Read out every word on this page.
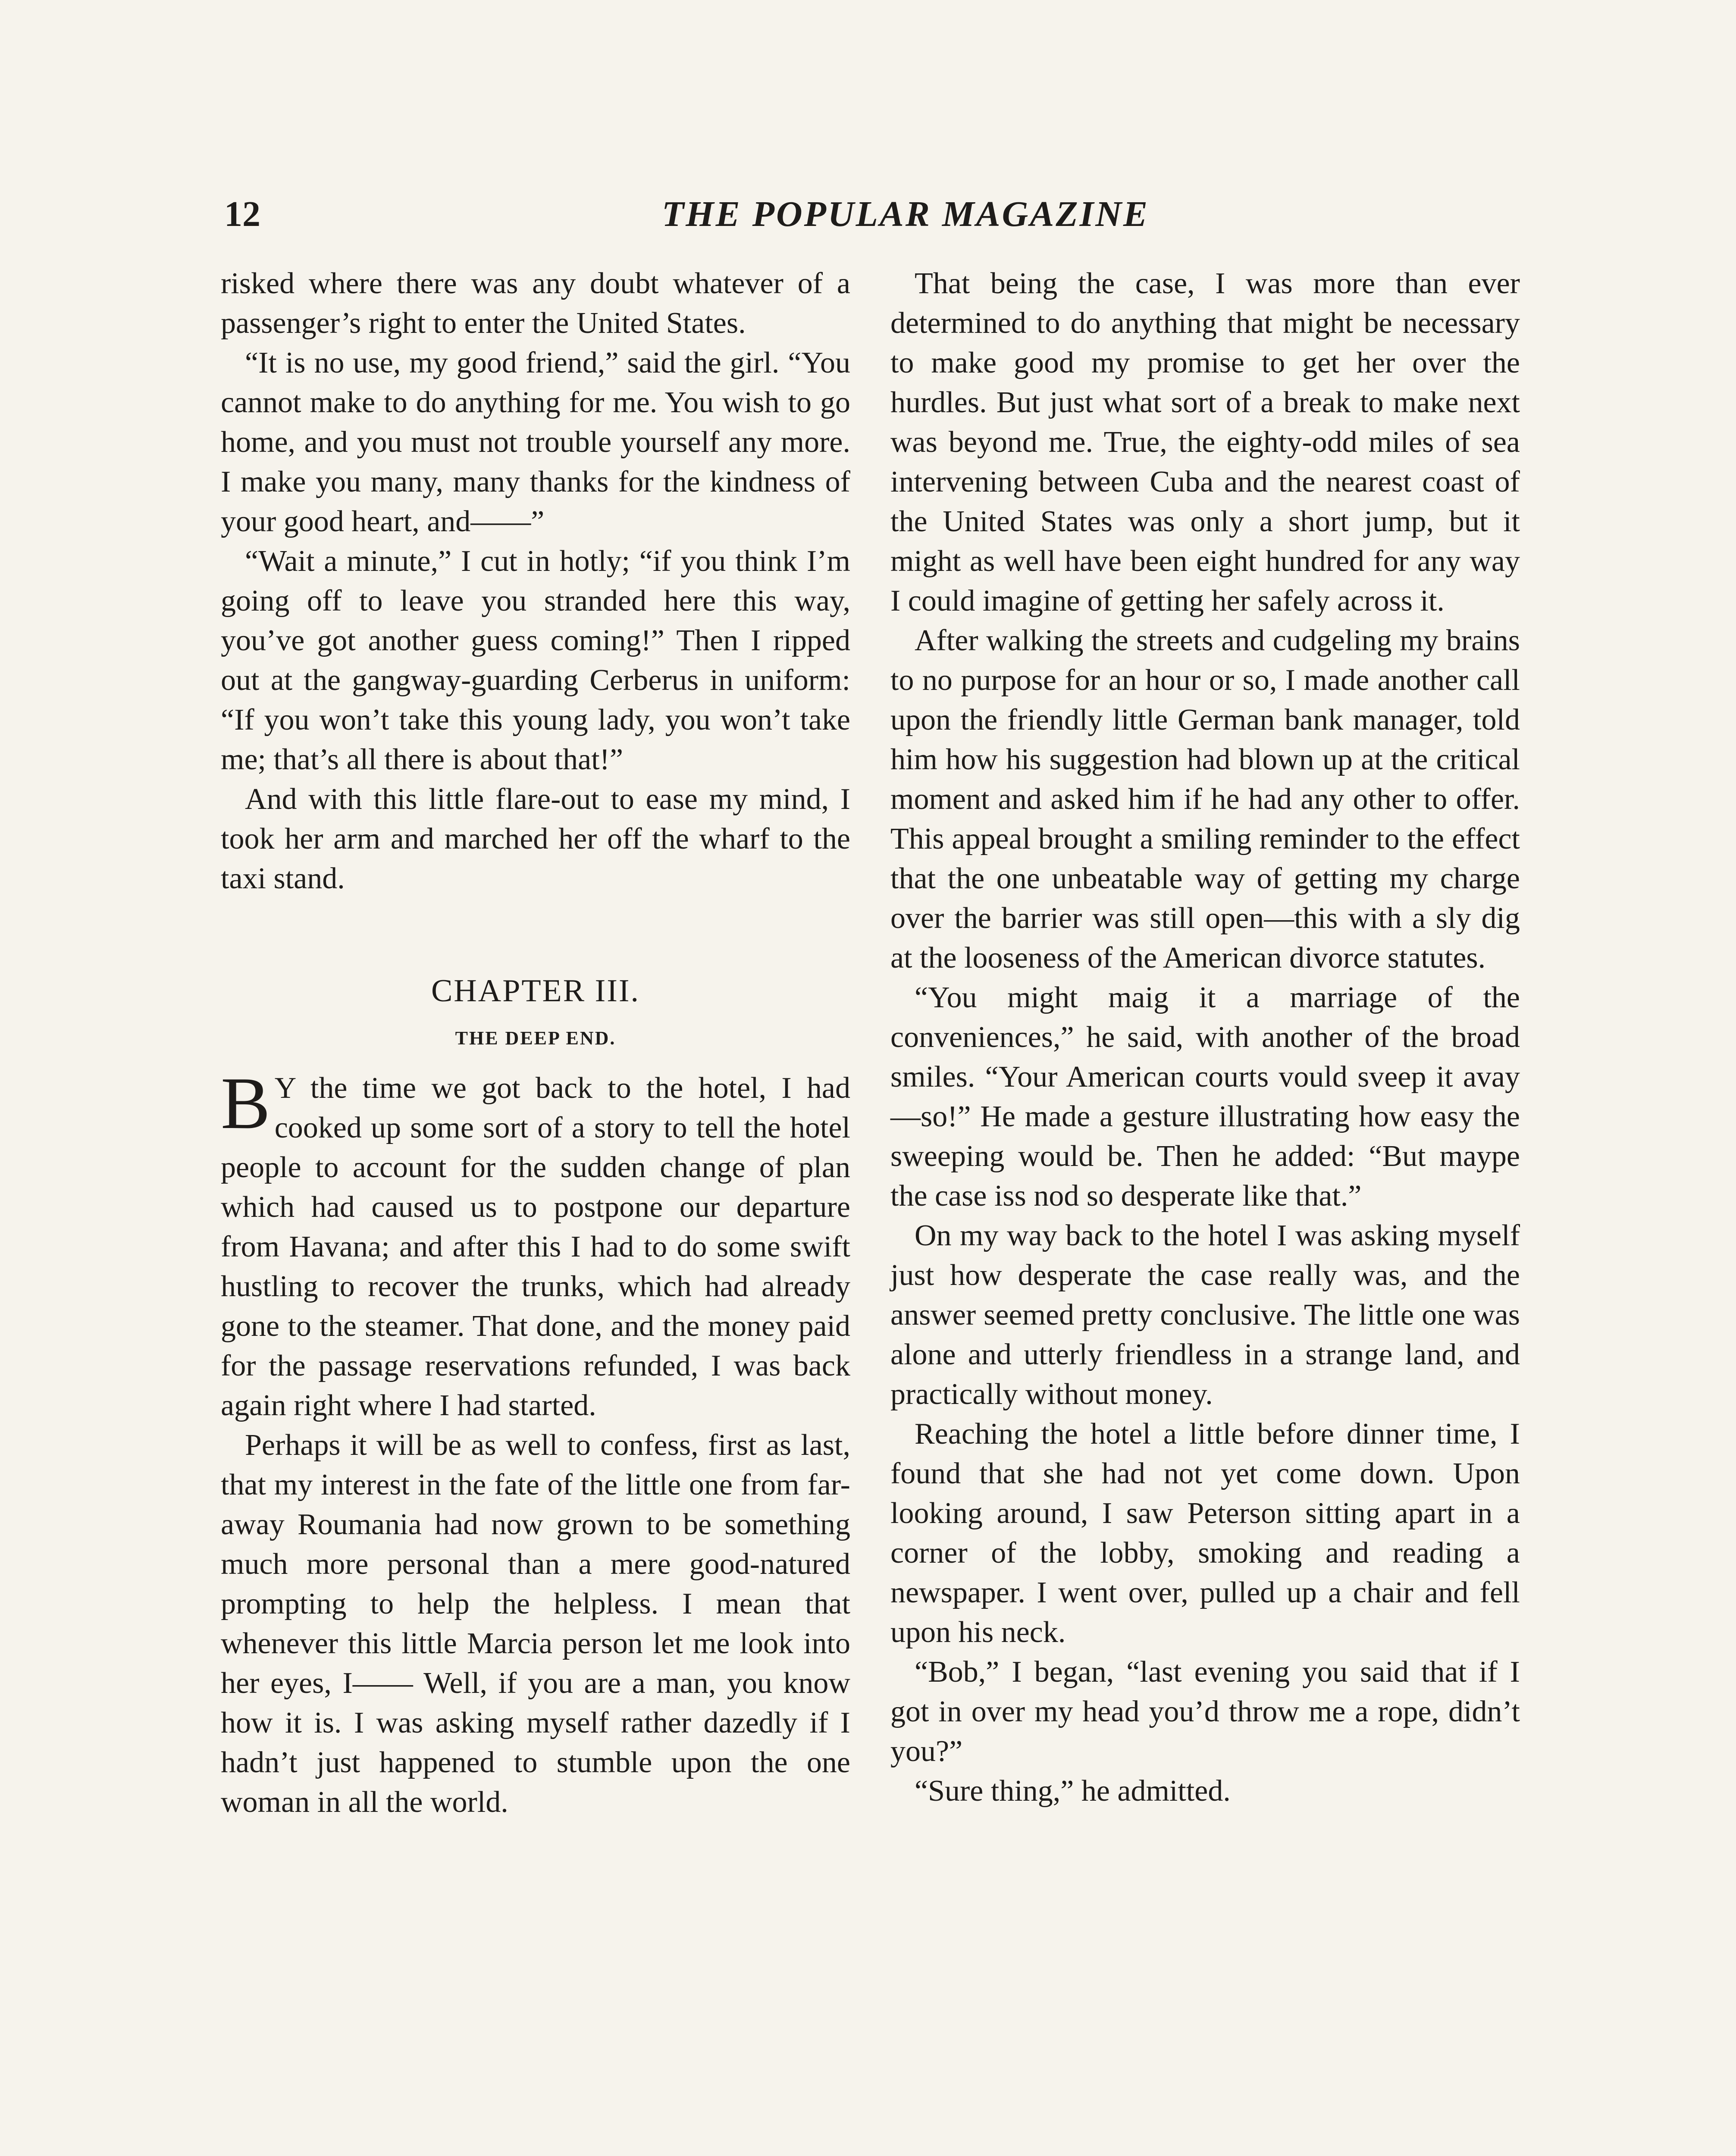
12	THE POPULAR MAGAZINE

risked where there was any doubt whatever of a passenger’s right to enter the United States.

“It is no use, my good friend,” said the girl. “You cannot make to do anything for me. You wish to go home, and you must not trouble yourself any more. I make you many, many thanks for the kindness of your good heart, and——”

“Wait a minute,” I cut in hotly; “if you think I’m going off to leave you stranded here this way, you’ve got another guess coming!” Then I ripped out at the gangway-guarding Cerberus in uniform: “If you won’t take this young lady, you won’t take me; that’s all there is about that!”

And with this little flare-out to ease my mind, I took her arm and marched her off the wharf to the taxi stand.

CHAPTER III.
THE DEEP END.

B Y the time we got back to the hotel, I had cooked up some sort of a story to tell the hotel people to account for the sudden change of plan which had caused us to postpone our departure from Havana; and after this I had to do some swift hustling to recover the trunks, which had already gone to the steamer. That done, and the money paid for the passage reservations refunded, I was back again right where I had started.

Perhaps it will be as well to confess, first as last, that my interest in the fate of the little one from far-away Roumania had now grown to be something much more personal than a mere good-natured prompting to help the helpless. I mean that whenever this little Marcia person let me look into her eyes, I—— Well, if you are a man, you know how it is. I was asking myself rather dazedly if I hadn’t just happened to stumble upon the one woman in all the world.

That being the case, I was more than ever determined to do anything that might be necessary to make good my promise to get her over the hurdles. But just what sort of a break to make next was beyond me. True, the eighty-odd miles of sea intervening between Cuba and the nearest coast of the United States was only a short jump, but it might as well have been eight hundred for any way I could imagine of getting her safely across it.

After walking the streets and cudgeling my brains to no purpose for an hour or so, I made another call upon the friendly little German bank manager, told him how his suggestion had blown up at the critical moment and asked him if he had any other to offer. This appeal brought a smiling reminder to the effect that the one unbeatable way of getting my charge over the barrier was still open—this with a sly dig at the looseness of the American divorce statutes.

“You might maig it a marriage of the conveniences,” he said, with another of the broad smiles. “Your American courts vould sveep it avay—so!” He made a gesture illustrating how easy the sweeping would be. Then he added: “But maype the case iss nod so desperate like that.”

On my way back to the hotel I was asking myself just how desperate the case really was, and the answer seemed pretty conclusive. The little one was alone and utterly friendless in a strange land, and practically without money.

Reaching the hotel a little before dinner time, I found that she had not yet come down. Upon looking around, I saw Peterson sitting apart in a corner of the lobby, smoking and reading a newspaper. I went over, pulled up a chair and fell upon his neck.

“Bob,” I began, “last evening you said that if I got in over my head you’d throw me a rope, didn’t you?”

“Sure thing,” he admitted.
